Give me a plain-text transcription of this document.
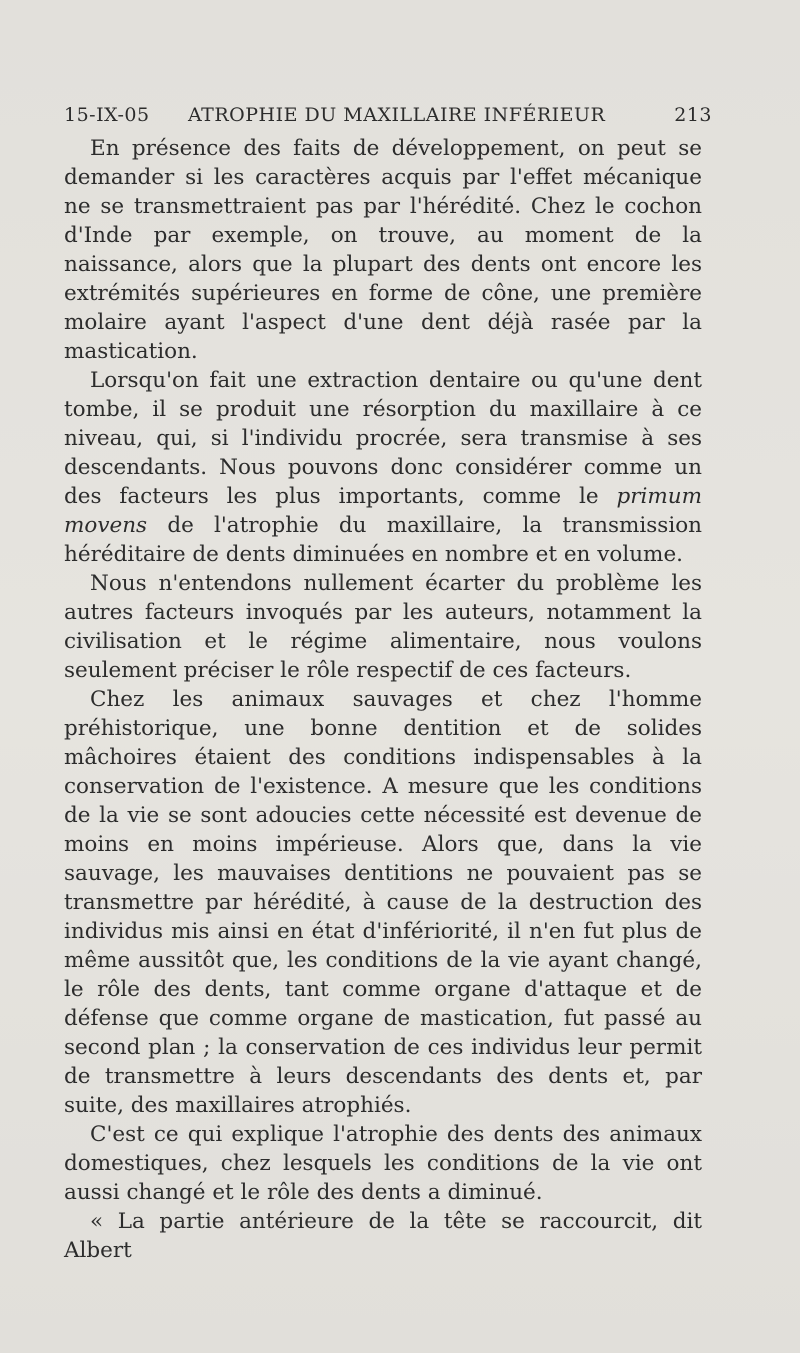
15-IX-05 ATROPHIE DU MAXILLAIRE INFÉRIEUR	213

En présence des faits de développement, on peut se demander si les caractères acquis par l'effet mécanique ne se transmettraient pas par l'hérédité. Chez le cochon d'Inde par exemple, on trouve, au moment de la naissance, alors que la plupart des dents ont encore les extrémités supérieures en forme de cône, une première molaire ayant l'aspect d'une dent déjà rasée par la mastication.

Lorsqu'on fait une extraction dentaire ou qu'une dent tombe, il se produit une résorption du maxillaire à ce niveau, qui, si l'individu procrée, sera transmise à ses descendants. Nous pouvons donc considérer comme un des facteurs les plus importants, comme le primum movens de l'atrophie du maxillaire, la transmission héréditaire de dents diminuées en nombre et en volume.

Nous n'entendons nullement écarter du problème les autres facteurs invoqués par les auteurs, notamment la civilisation et le régime alimentaire, nous voulons seulement préciser le rôle respectif de ces facteurs.

Chez les animaux sauvages et chez l'homme préhistorique, une bonne dentition et de solides mâchoires étaient des conditions indispensables à la conservation de l'existence. A mesure que les conditions de la vie se sont adoucies cette nécessité est devenue de moins en moins impérieuse. Alors que, dans la vie sauvage, les mauvaises dentitions ne pouvaient pas se transmettre par hérédité, à cause de la destruction des individus mis ainsi en état d'infériorité, il n'en fut plus de même aussitôt que, les conditions de la vie ayant changé, le rôle des dents, tant comme organe d'attaque et de défense que comme organe de mastication, fut passé au second plan ; la conservation de ces individus leur permit de transmettre à leurs descendants des dents et, par suite, des maxillaires atrophiés.

C'est ce qui explique l'atrophie des dents des animaux domestiques, chez lesquels les conditions de la vie ont aussi changé et le rôle des dents a diminué.

« La partie antérieure de la tête se raccourcit, dit Albert
